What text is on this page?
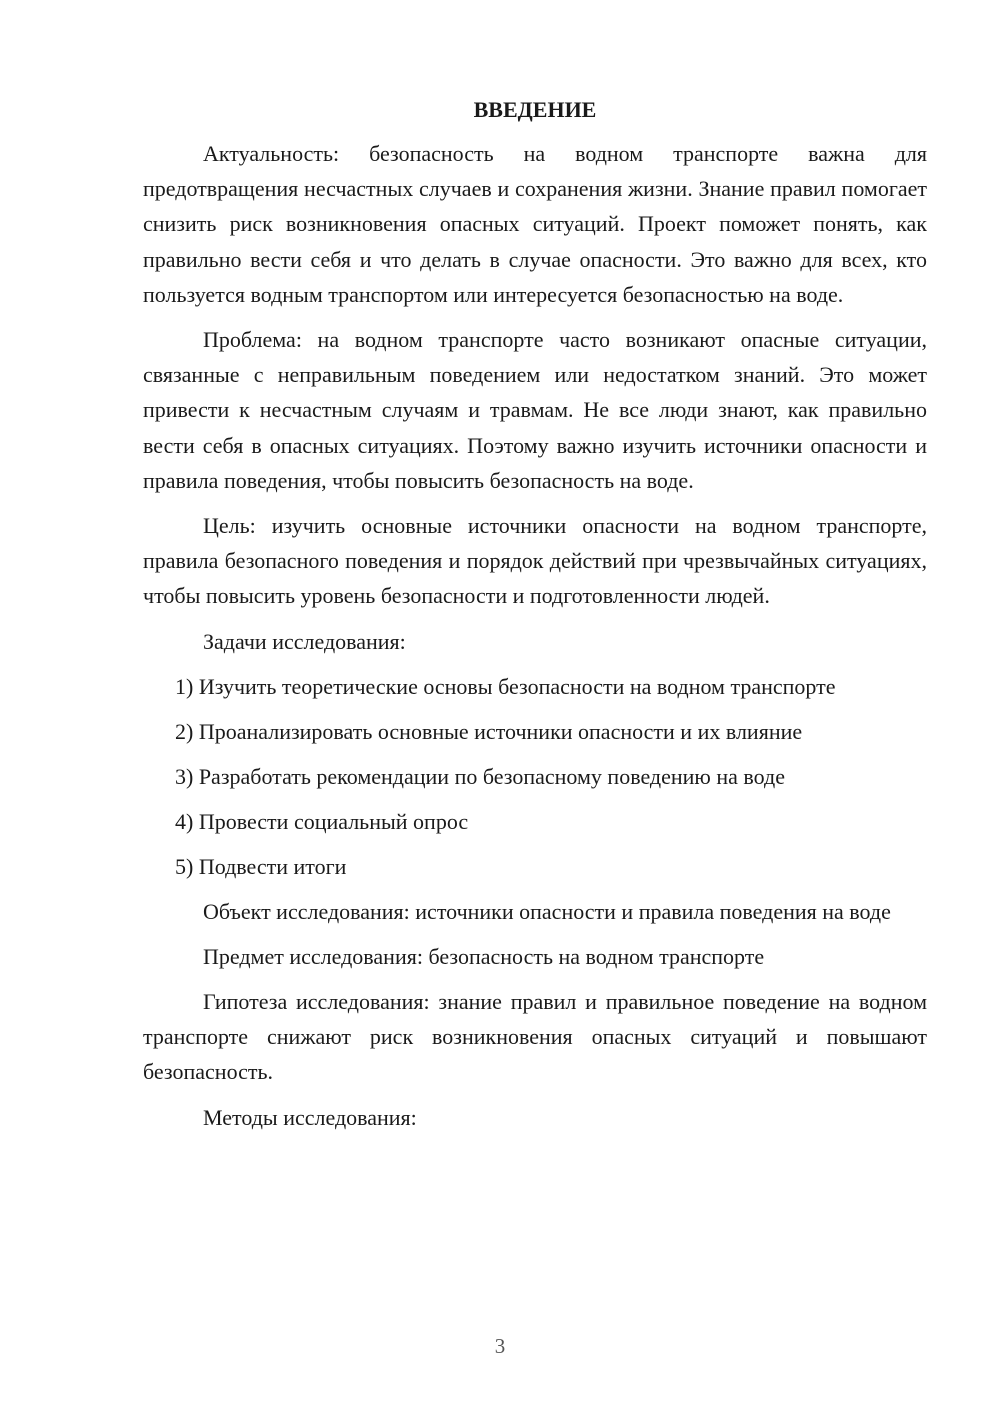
ВВЕДЕНИЕ

Актуальность: безопасность на водном транспорте важна для предотвращения несчастных случаев и сохранения жизни. Знание правил помогает снизить риск возникновения опасных ситуаций. Проект поможет понять, как правильно вести себя и что делать в случае опасности. Это важно для всех, кто пользуется водным транспортом или интересуется безопасностью на воде.

Проблема: на водном транспорте часто возникают опасные ситуации, связанные с неправильным поведением или недостатком знаний. Это может привести к несчастным случаям и травмам. Не все люди знают, как правильно вести себя в опасных ситуациях. Поэтому важно изучить источники опасности и правила поведения, чтобы повысить безопасность на воде.

Цель: изучить основные источники опасности на водном транспорте, правила безопасного поведения и порядок действий при чрезвычайных ситуациях, чтобы повысить уровень безопасности и подготовленности людей.

Задачи исследования:

1) Изучить теоретические основы безопасности на водном транспорте
2) Проанализировать основные источники опасности и их влияние
3) Разработать рекомендации по безопасному поведению на воде
4) Провести социальный опрос
5) Подвести итоги

Объект исследования: источники опасности и правила поведения на воде

Предмет исследования: безопасность на водном транспорте

Гипотеза исследования: знание правил и правильное поведение на водном транспорте снижают риск возникновения опасных ситуаций и повышают безопасность.

Методы исследования:

3
